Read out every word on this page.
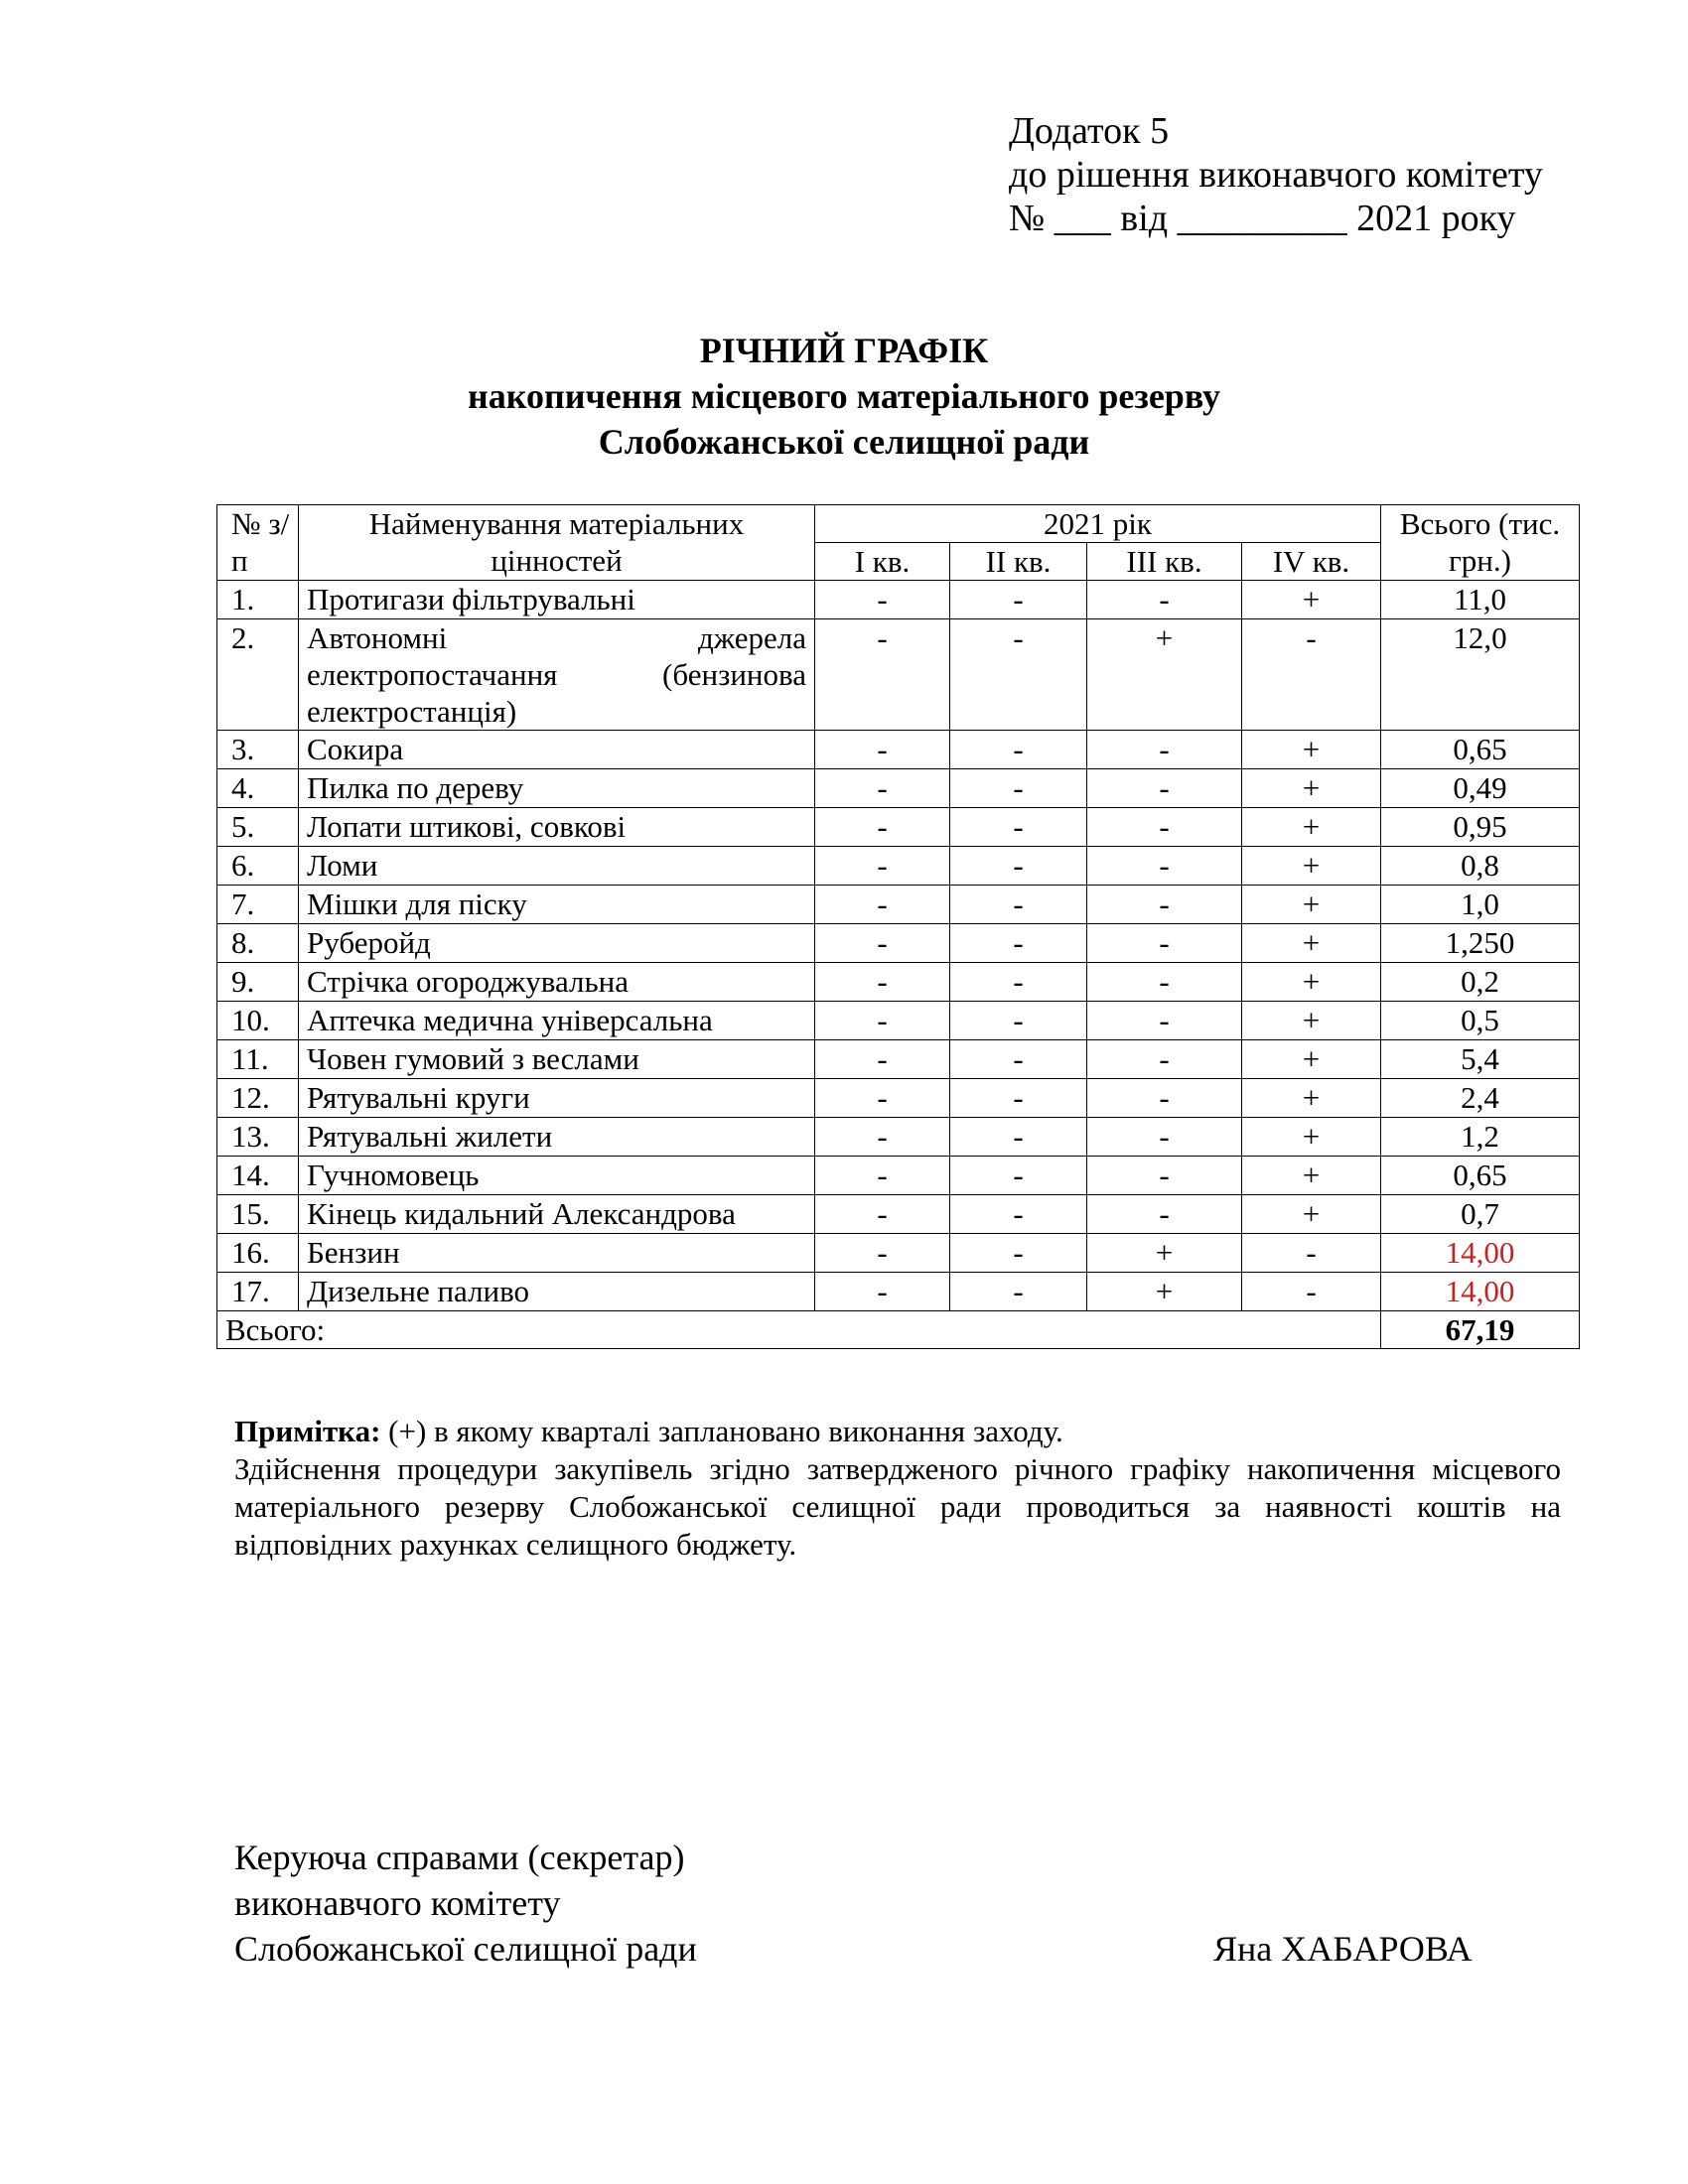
Додаток 5
до рішення виконавчого комітету
№ ___ від _________ 2021 року
РІЧНИЙ ГРАФІК
накопичення місцевого матеріального резерву
Слобожанської селищної ради
№ з/п	Найменування матеріальних цінностей	2021 рік				Всього (тис. грн.)
		I кв.	II кв.	III кв.	IV кв.	
1.	Протигази фільтрувальні	-	-	-	+	11,0
2.	Автономні джерела електропостачання (бензинова електростанція)	-	-	+	-	12,0
3.	Сокира	-	-	-	+	0,65
4.	Пилка по дереву	-	-	-	+	0,49
5.	Лопати штикові, совкові	-	-	-	+	0,95
6.	Ломи	-	-	-	+	0,8
7.	Мішки для піску	-	-	-	+	1,0
8.	Руберойд	-	-	-	+	1,250
9.	Стрічка огороджувальна	-	-	-	+	0,2
10.	Аптечка медична універсальна	-	-	-	+	0,5
11.	Човен гумовий з веслами	-	-	-	+	5,4
12.	Рятувальні круги	-	-	-	+	2,4
13.	Рятувальні жилети	-	-	-	+	1,2
14.	Гучномовець	-	-	-	+	0,65
15.	Кінець кидальний Александрова	-	-	-	+	0,7
16.	Бензин	-	-	+	-	14,00
17.	Дизельне паливо	-	-	+	-	14,00
Всього:						67,19

Примітка: (+) в якому кварталі заплановано виконання заходу.

Здійснення процедури закупівель згідно затвердженого річного графіку накопичення місцевого матеріального резерву Слобожанської селищної ради проводиться за наявності коштів на відповідних рахунках селищного бюджету.

Керуюча справами (секретар)
виконавчого комітету
Слобожанської селищної ради	Яна ХАБАРОВА
